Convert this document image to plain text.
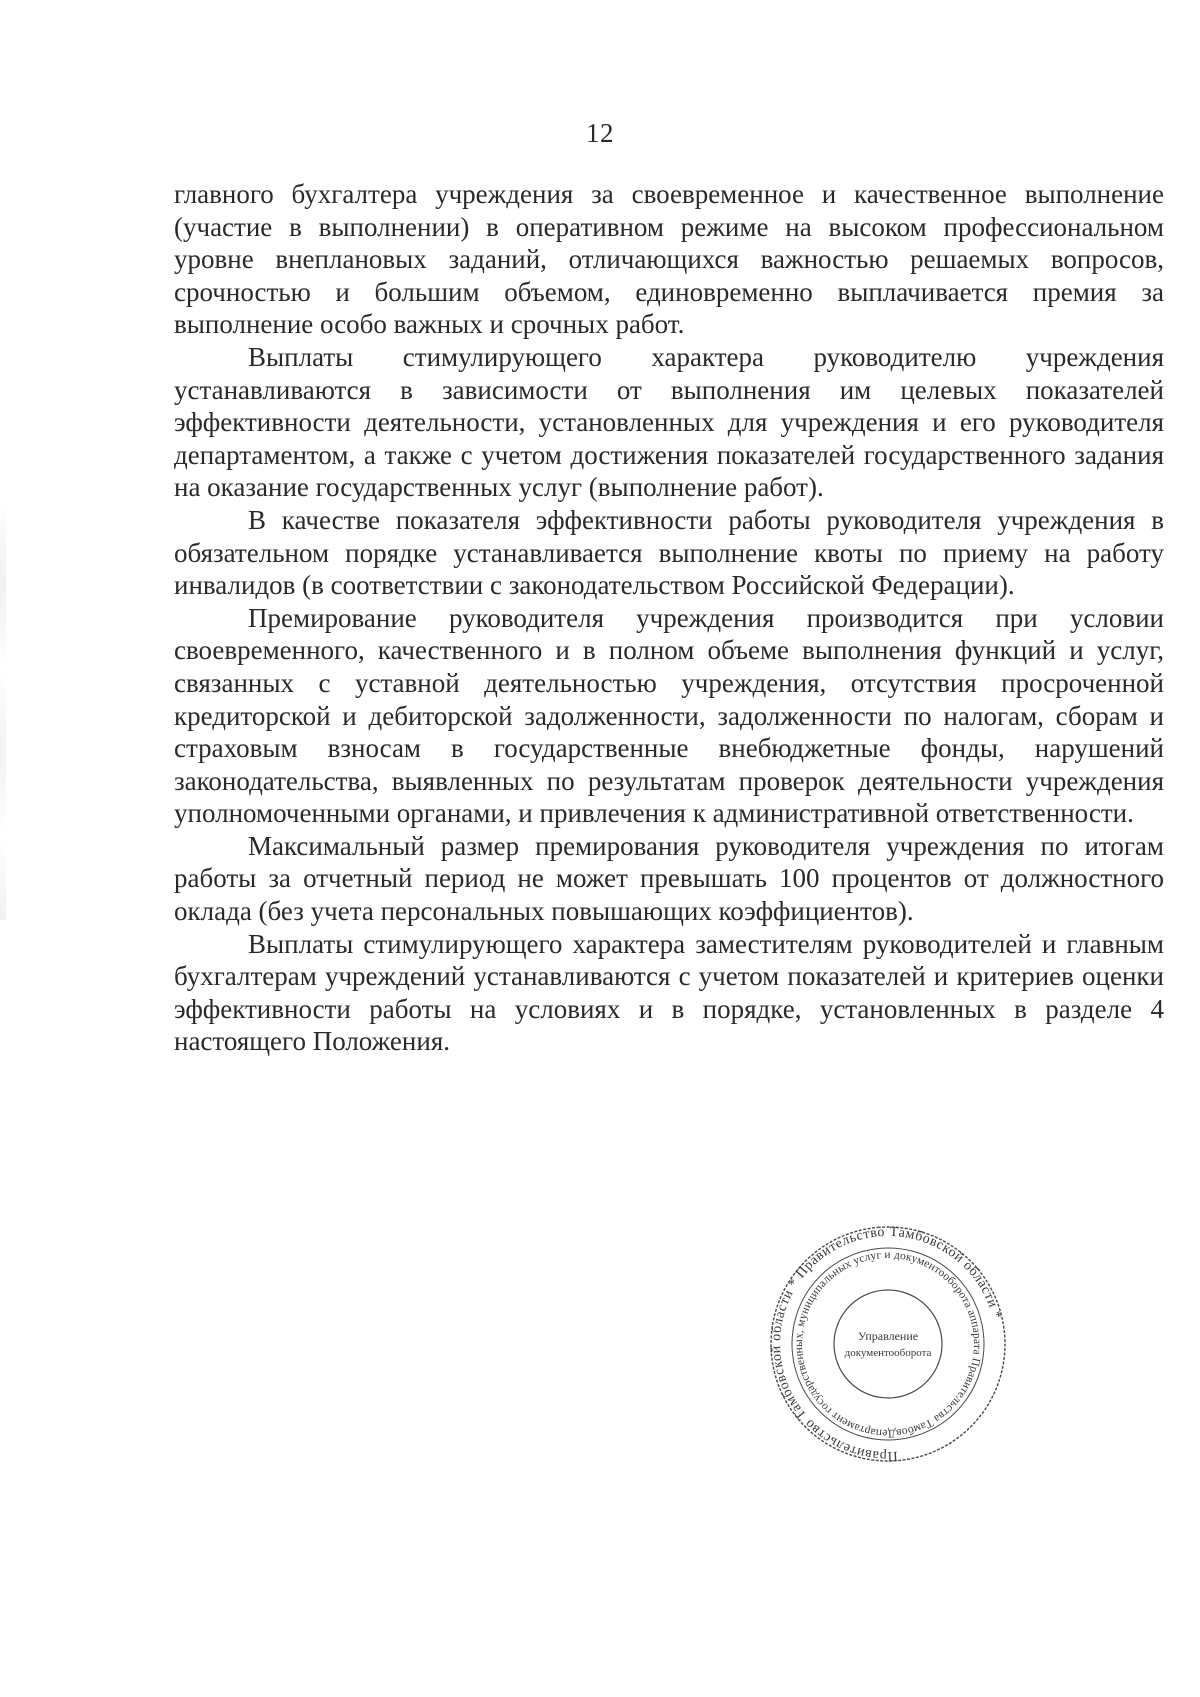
12

главного бухгалтера учреждения за своевременное и качественное выполнение (участие в выполнении) в оперативном режиме на высоком профессиональном уровне внеплановых заданий, отличающихся важностью решаемых вопросов, срочностью и большим объемом, единовременно выплачивается премия за выполнение особо важных и срочных работ.

Выплаты стимулирующего характера руководителю учреждения устанавливаются в зависимости от выполнения им целевых показателей эффективности деятельности, установленных для учреждения и его руководителя департаментом, а также с учетом достижения показателей государственного задания на оказание государственных услуг (выполнение работ).

В качестве показателя эффективности работы руководителя учреждения в обязательном порядке устанавливается выполнение квоты по приему на работу инвалидов (в соответствии с законодательством Российской Федерации).

Премирование руководителя учреждения производится при условии своевременного, качественного и в полном объеме выполнения функций и услуг, связанных с уставной деятельностью учреждения, отсутствия просроченной кредиторской и дебиторской задолженности, задолженности по налогам, сборам и страховым взносам в государственные внебюджетные фонды, нарушений законодательства, выявленных по результатам проверок деятельности учреждения уполномоченными органами, и привлечения к административной ответственности.

Максимальный размер премирования руководителя учреждения по итогам работы за отчетный период не может превышать 100 процентов от должностного оклада (без учета персональных повышающих коэффициентов).

Выплаты стимулирующего характера заместителям руководителей и главным бухгалтерам учреждений устанавливаются с учетом показателей и критериев оценки эффективности работы на условиях и в порядке, установленных в разделе 4 настоящего Положения.

Правительство Тамбовской области * Правительство Тамбовской области *
Департамент государственных, муниципальных услуг и документооборота аппарата Правительства Тамбовской
Управление
документооборота
